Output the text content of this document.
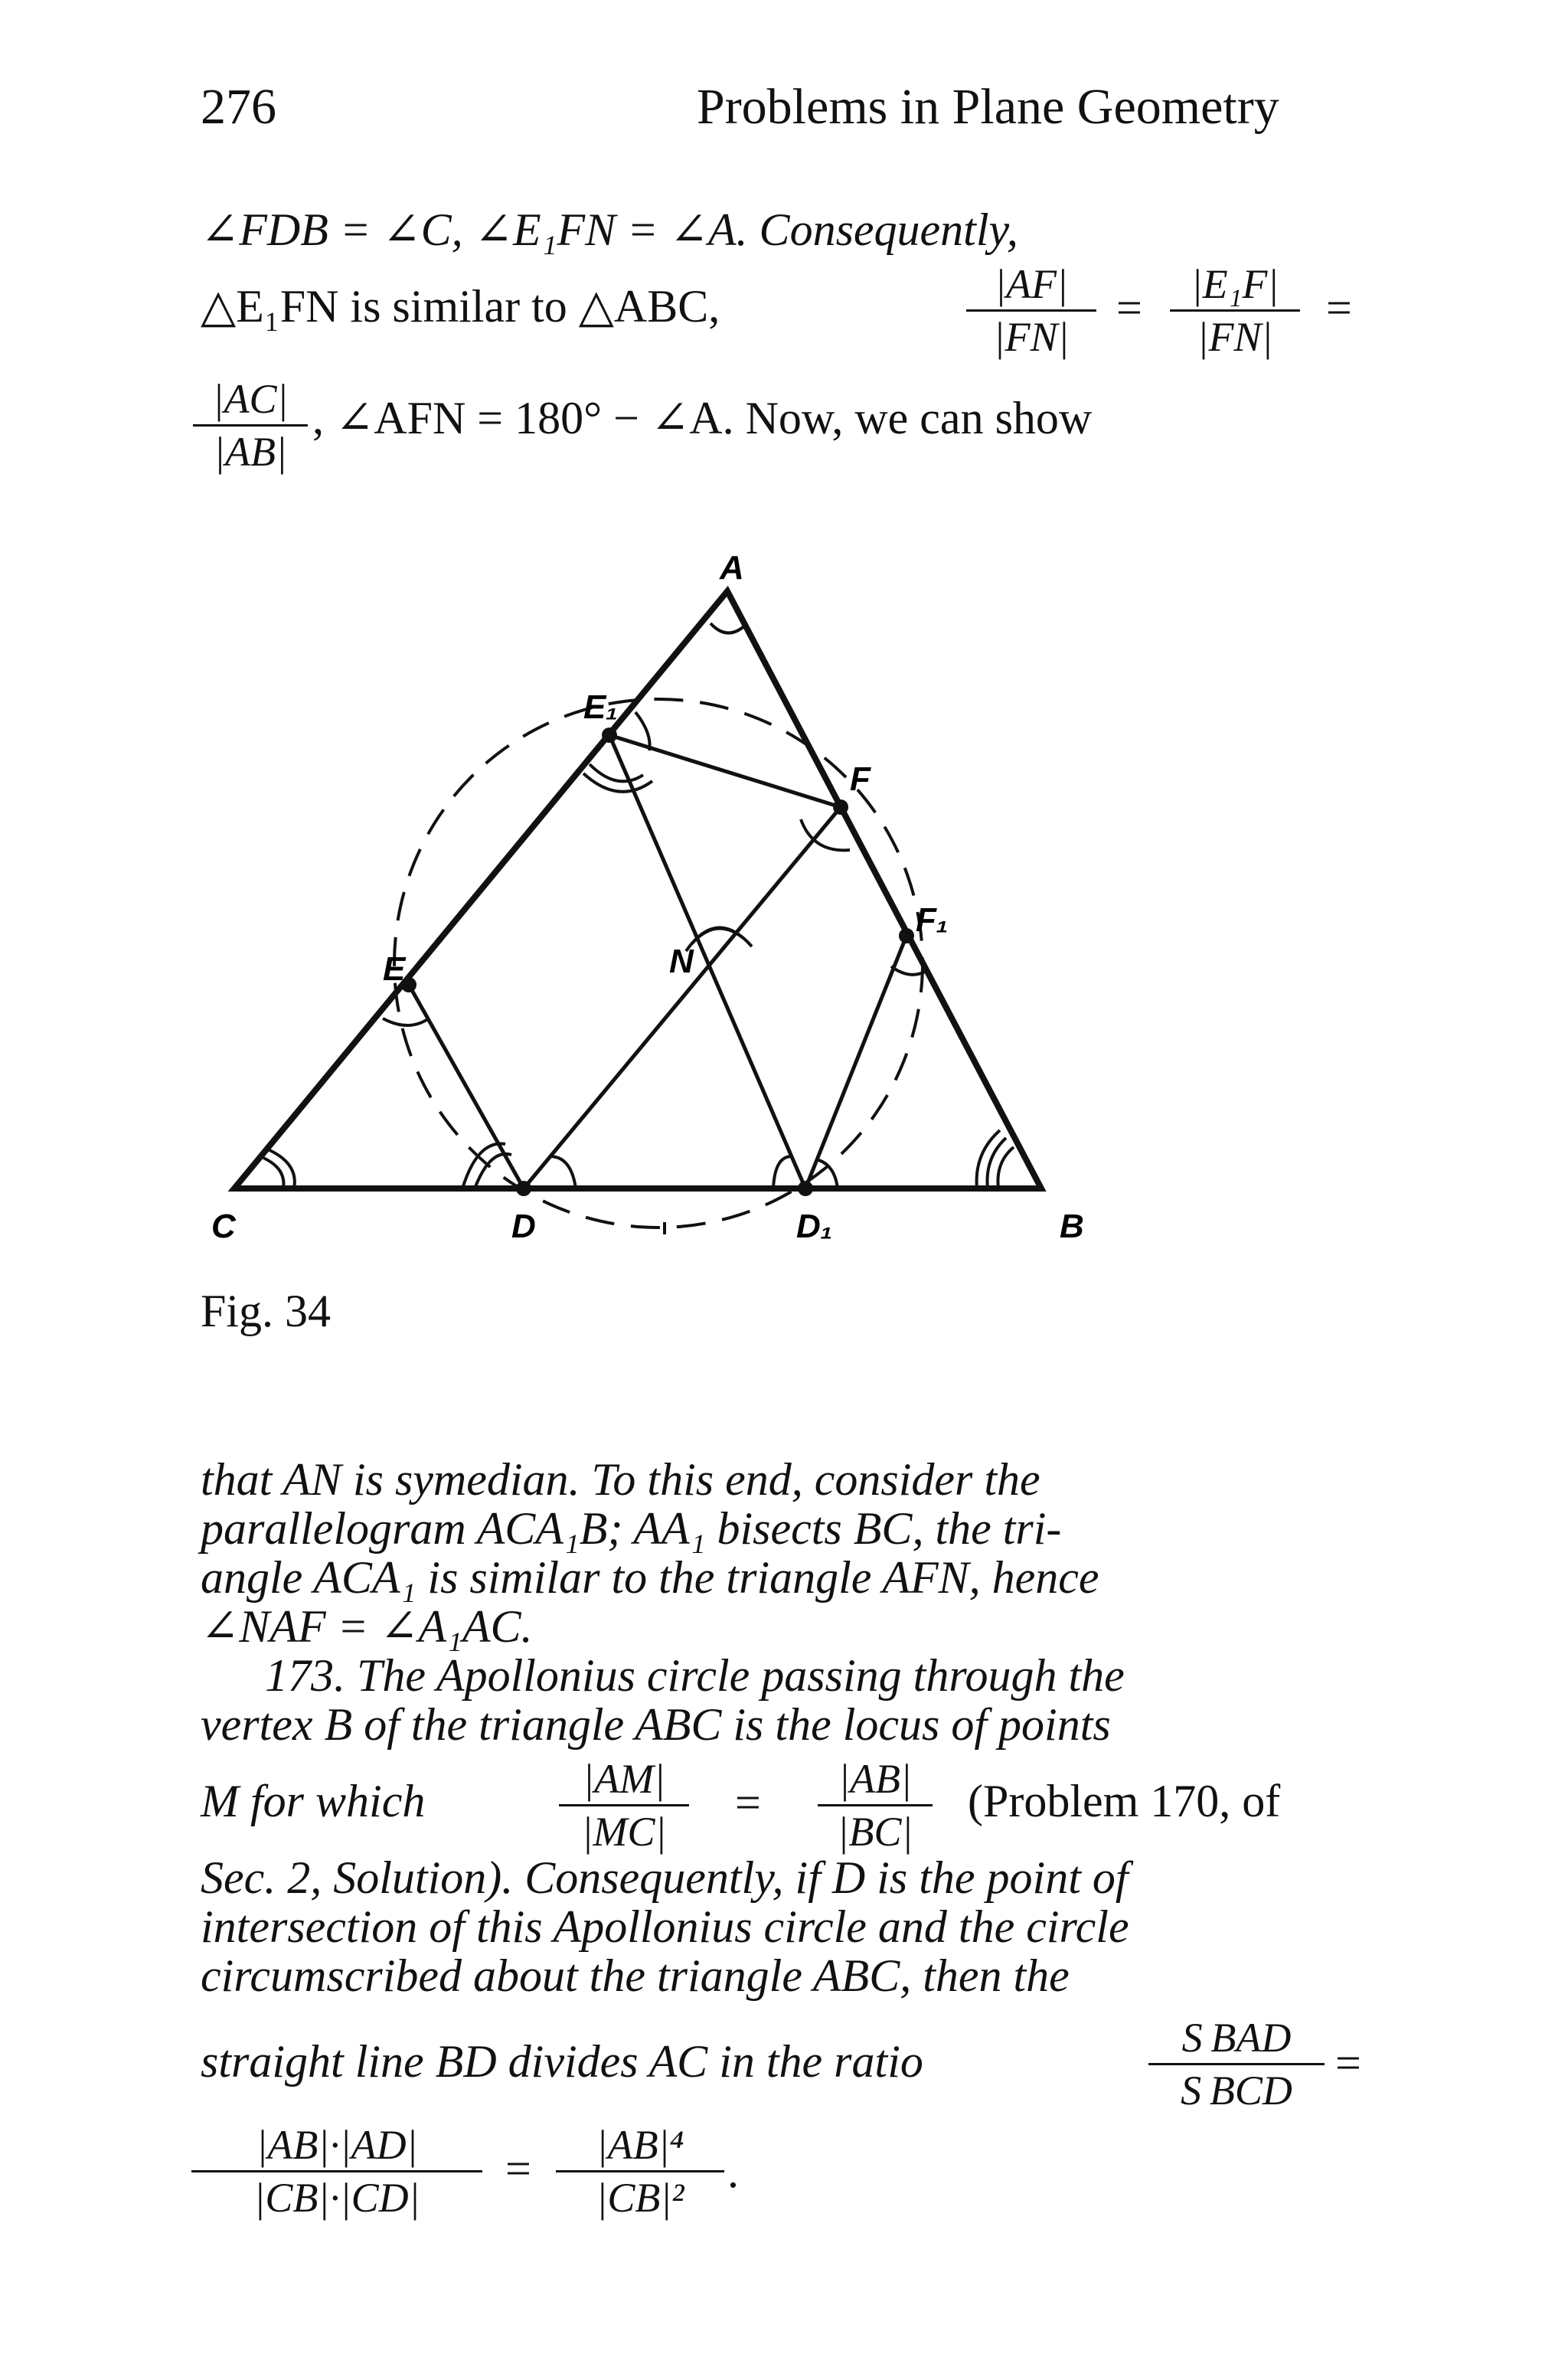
276	Problems in Plane Geometry
∠FDB = ∠C, ∠E₁FN = ∠A. Consequently,
△E₁FN is similar to △ABC,	$\frac{|AF|}{|FN|} = \frac{\text{|E₁F|}}{|FN|}$ =
$\frac{|AC|}{|AB|}$ , ∠AFN = 180° − ∠A. Now, we can show
A
B
C	D	D₁
E
E₁
F
F₁
N
Fig. 34
that AN is symedian. To this end, consider the
parallelogram ACA₁B; AA₁ bisects BC, the tri-
angle ACA₁ is similar to the triangle AFN, hence
∠NAF = ∠A₁AC.
173. The Apollonius circle passing through the
vertex B of the triangle ABC is the locus of points
M for which	$\frac{|AM|}{|MC|} = \frac{|AB|}{|BC|}$ (Problem 170, of
Sec. 2, Solution). Consequently, if D is the point of
intersection of this Apollonius circle and the circle
circumscribed about the triangle ABC, then the
straight line BD divides AC in the ratio	S BAD
S BCD
=
$\frac{|AB|\cdot|AD|}{|CB|\cdot|CD|} = \frac{\text{|AB|⁴}}{\text{|CB|²}}$ .
